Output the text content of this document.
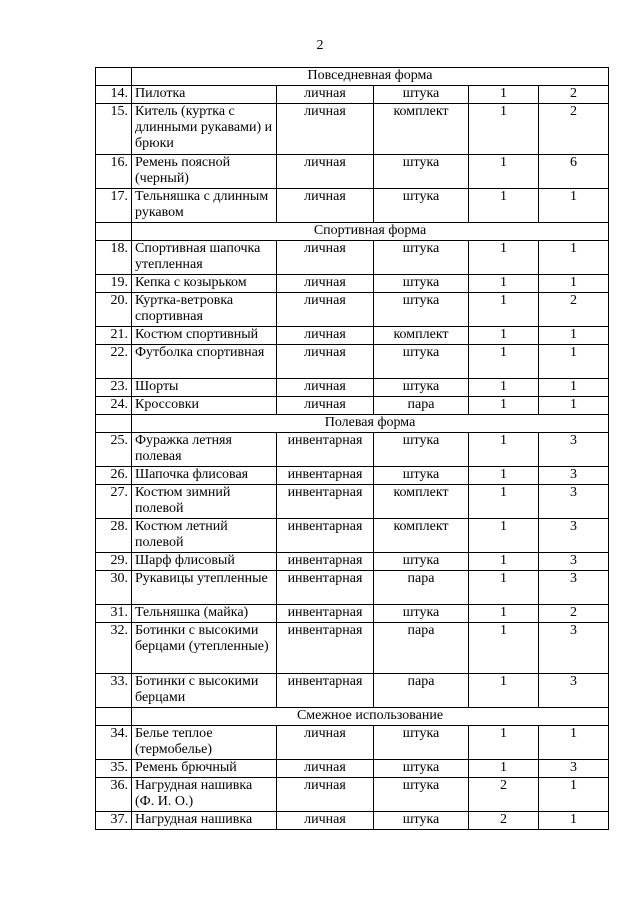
2
	Повседневная форма				
14.	Пилотка	личная	штука	1	2
15.	Китель (куртка с длинными рукавами) и брюки	личная	комплект	1	2
16.	Ремень поясной (черный)	личная	штука	1	6
17.	Тельняшка с длинным рукавом	личная	штука	1	1
	Спортивная форма				
18.	Спортивная шапочка утепленная	личная	штука	1	1
19.	Кепка с козырьком	личная	штука	1	1
20.	Куртка-ветровка спортивная	личная	штука	1	2
21.	Костюм спортивный	личная	комплект	1	1
22.	Футболка спортивная	личная	штука	1	1
23.	Шорты	личная	штука	1	1
24.	Кроссовки	личная	пара	1	1
	Полевая форма				
25.	Фуражка летняя полевая	инвентарная	штука	1	3
26.	Шапочка флисовая	инвентарная	штука	1	3
27.	Костюм зимний полевой	инвентарная	комплект	1	3
28.	Костюм летний полевой	инвентарная	комплект	1	3
29.	Шарф флисовый	инвентарная	штука	1	3
30.	Рукавицы утепленные	инвентарная	пара	1	3
31.	Тельняшка (майка)	инвентарная	штука	1	2
32.	Ботинки с высокими берцами (утепленные)	инвентарная	пара	1	3
33.	Ботинки с высокими берцами	инвентарная	пара	1	3
	Смежное использование				
34.	Белье теплое (термобелье)	личная	штука	1	1
35.	Ремень брючный	личная	штука	1	3
36.	Нагрудная нашивка (Ф. И. О.)	личная	штука	2	1
37.	Нагрудная нашивка	личная	штука	2	1
